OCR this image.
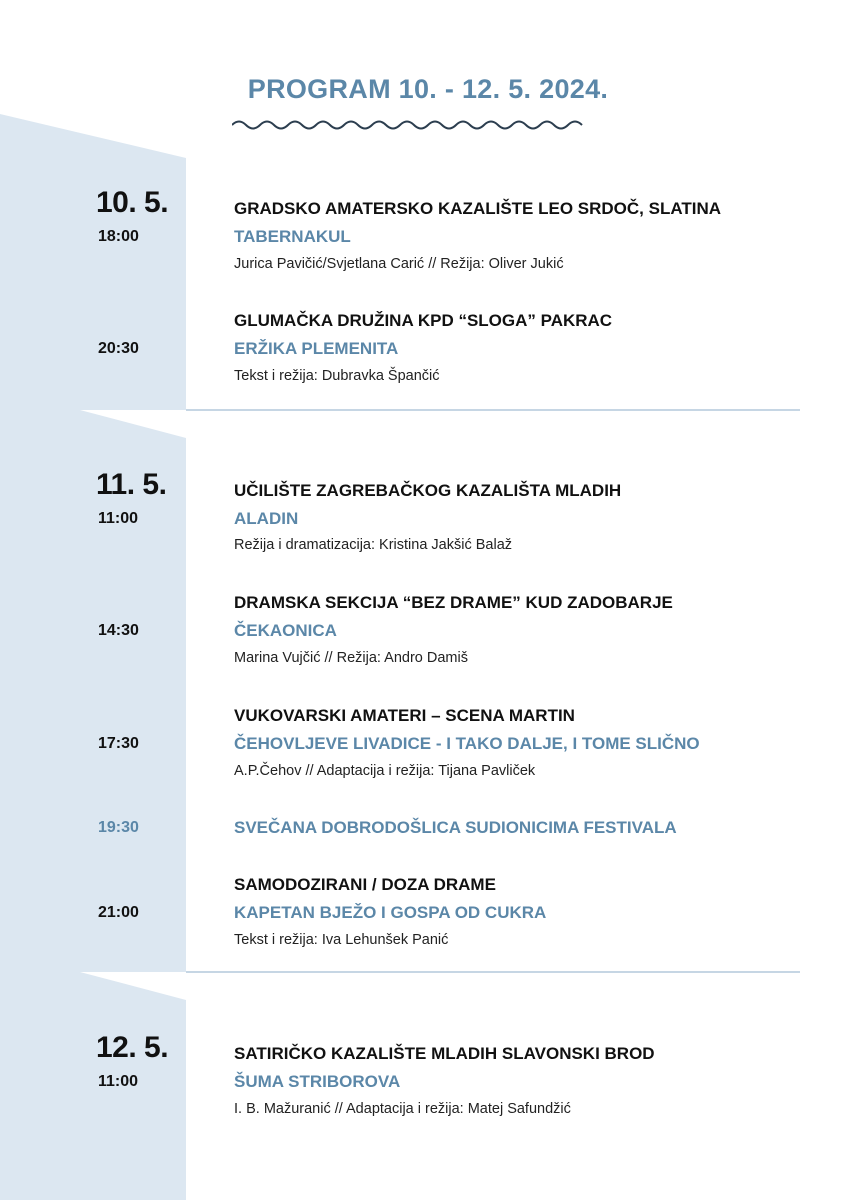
PROGRAM 10. - 12. 5. 2024.
10. 5.
18:00
GRADSKO AMATERSKO KAZALIŠTE LEO SRDOČ, SLATINA
TABERNAKUL
Jurica Pavičić/Svjetlana Carić // Režija: Oliver Jukić
20:30
GLUMAČKA DRUŽINA KPD “SLOGA” PAKRAC
ERŽIKA PLEMENITA
Tekst i režija: Dubravka Špančić
11. 5.
11:00
UČILIŠTE ZAGREBAČKOG KAZALIŠTA MLADIH
ALADIN
Režija i dramatizacija: Kristina Jakšić Balaž
14:30
DRAMSKA SEKCIJA “BEZ DRAME” KUD ZADOBARJE
ČEKAONICA
Marina Vujčić // Režija: Andro Damiš
17:30
VUKOVARSKI AMATERI – SCENA MARTIN
ČEHOVLJEVE LIVADICE - I TAKO DALJE, I TOME SLIČNO
A.P.Čehov // Adaptacija i režija: Tijana Pavliček
19:30	SVEČANA DOBRODOŠLICA SUDIONICIMA FESTIVALA
21:00
SAMODOZIRANI / DOZA DRAME
KAPETAN BJEŽO I GOSPA OD CUKRA
Tekst i režija: Iva Lehunšek Panić
12. 5.
11:00
SATIRIČKO KAZALIŠTE MLADIH SLAVONSKI BROD
ŠUMA STRIBOROVA
I. B. Mažuranić // Adaptacija i režija: Matej Safundžić
